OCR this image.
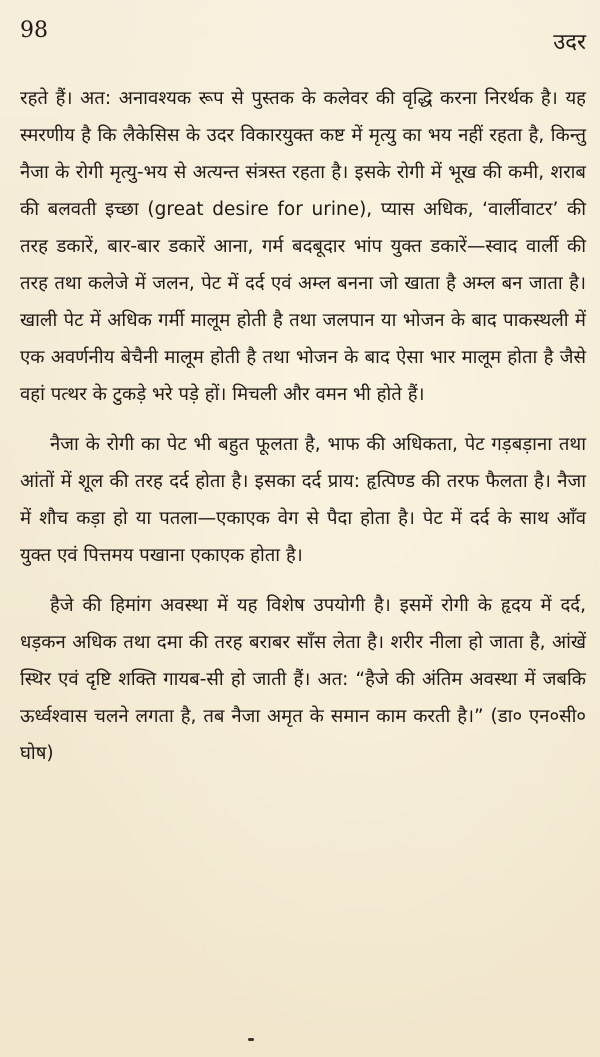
98	उदर

रहते हैं। अत: अनावश्यक रूप से पुस्तक के कलेवर की वृद्धि करना निरर्थक है। यह स्मरणीय है कि लैकेसिस के उदर विकारयुक्त कष्ट में मृत्यु का भय नहीं रहता है, किन्तु नैजा के रोगी मृत्यु-भय से अत्यन्त संत्रस्त रहता है। इसके रोगी में भूख की कमी, शराब की बलवती इच्छा (great desire for urine), प्यास अधिक, ‘वार्लीवाटर’ की तरह डकारें, बार-बार डकारें आना, गर्म बदबूदार भांप युक्त डकारें—स्वाद वार्ली की तरह तथा कलेजे में जलन, पेट में दर्द एवं अम्ल बनना जो खाता है अम्ल बन जाता है। खाली पेट में अधिक गर्मी मालूम होती है तथा जलपान या भोजन के बाद पाकस्थली में एक अवर्णनीय बेचैनी मालूम होती है तथा भोजन के बाद ऐसा भार मालूम होता है जैसे वहां पत्थर के टुकड़े भरे पड़े हों। मिचली और वमन भी होते हैं।

नैजा के रोगी का पेट भी बहुत फूलता है, भाफ की अधिकता, पेट गड़बड़ाना तथा आंतों में शूल की तरह दर्द होता है। इसका दर्द प्राय: हृत्पिण्ड की तरफ फैलता है। नैजा में शौच कड़ा हो या पतला—एकाएक वेग से पैदा होता है। पेट में दर्द के साथ आँव युक्त एवं पित्तमय पखाना एकाएक होता है।

हैजे की हिमांग अवस्था में यह विशेष उपयोगी है। इसमें रोगी के हृदय में दर्द, धड़कन अधिक तथा दमा की तरह बराबर साँस लेता है। शरीर नीला हो जाता है, आंखें स्थिर एवं दृष्टि शक्ति गायब-सी हो जाती हैं। अत: “हैजे की अंतिम अवस्था में जबकि ऊर्ध्वश्वास चलने लगता है, तब नैजा अमृत के समान काम करती है।” (डा० एन०सी० घोष)
